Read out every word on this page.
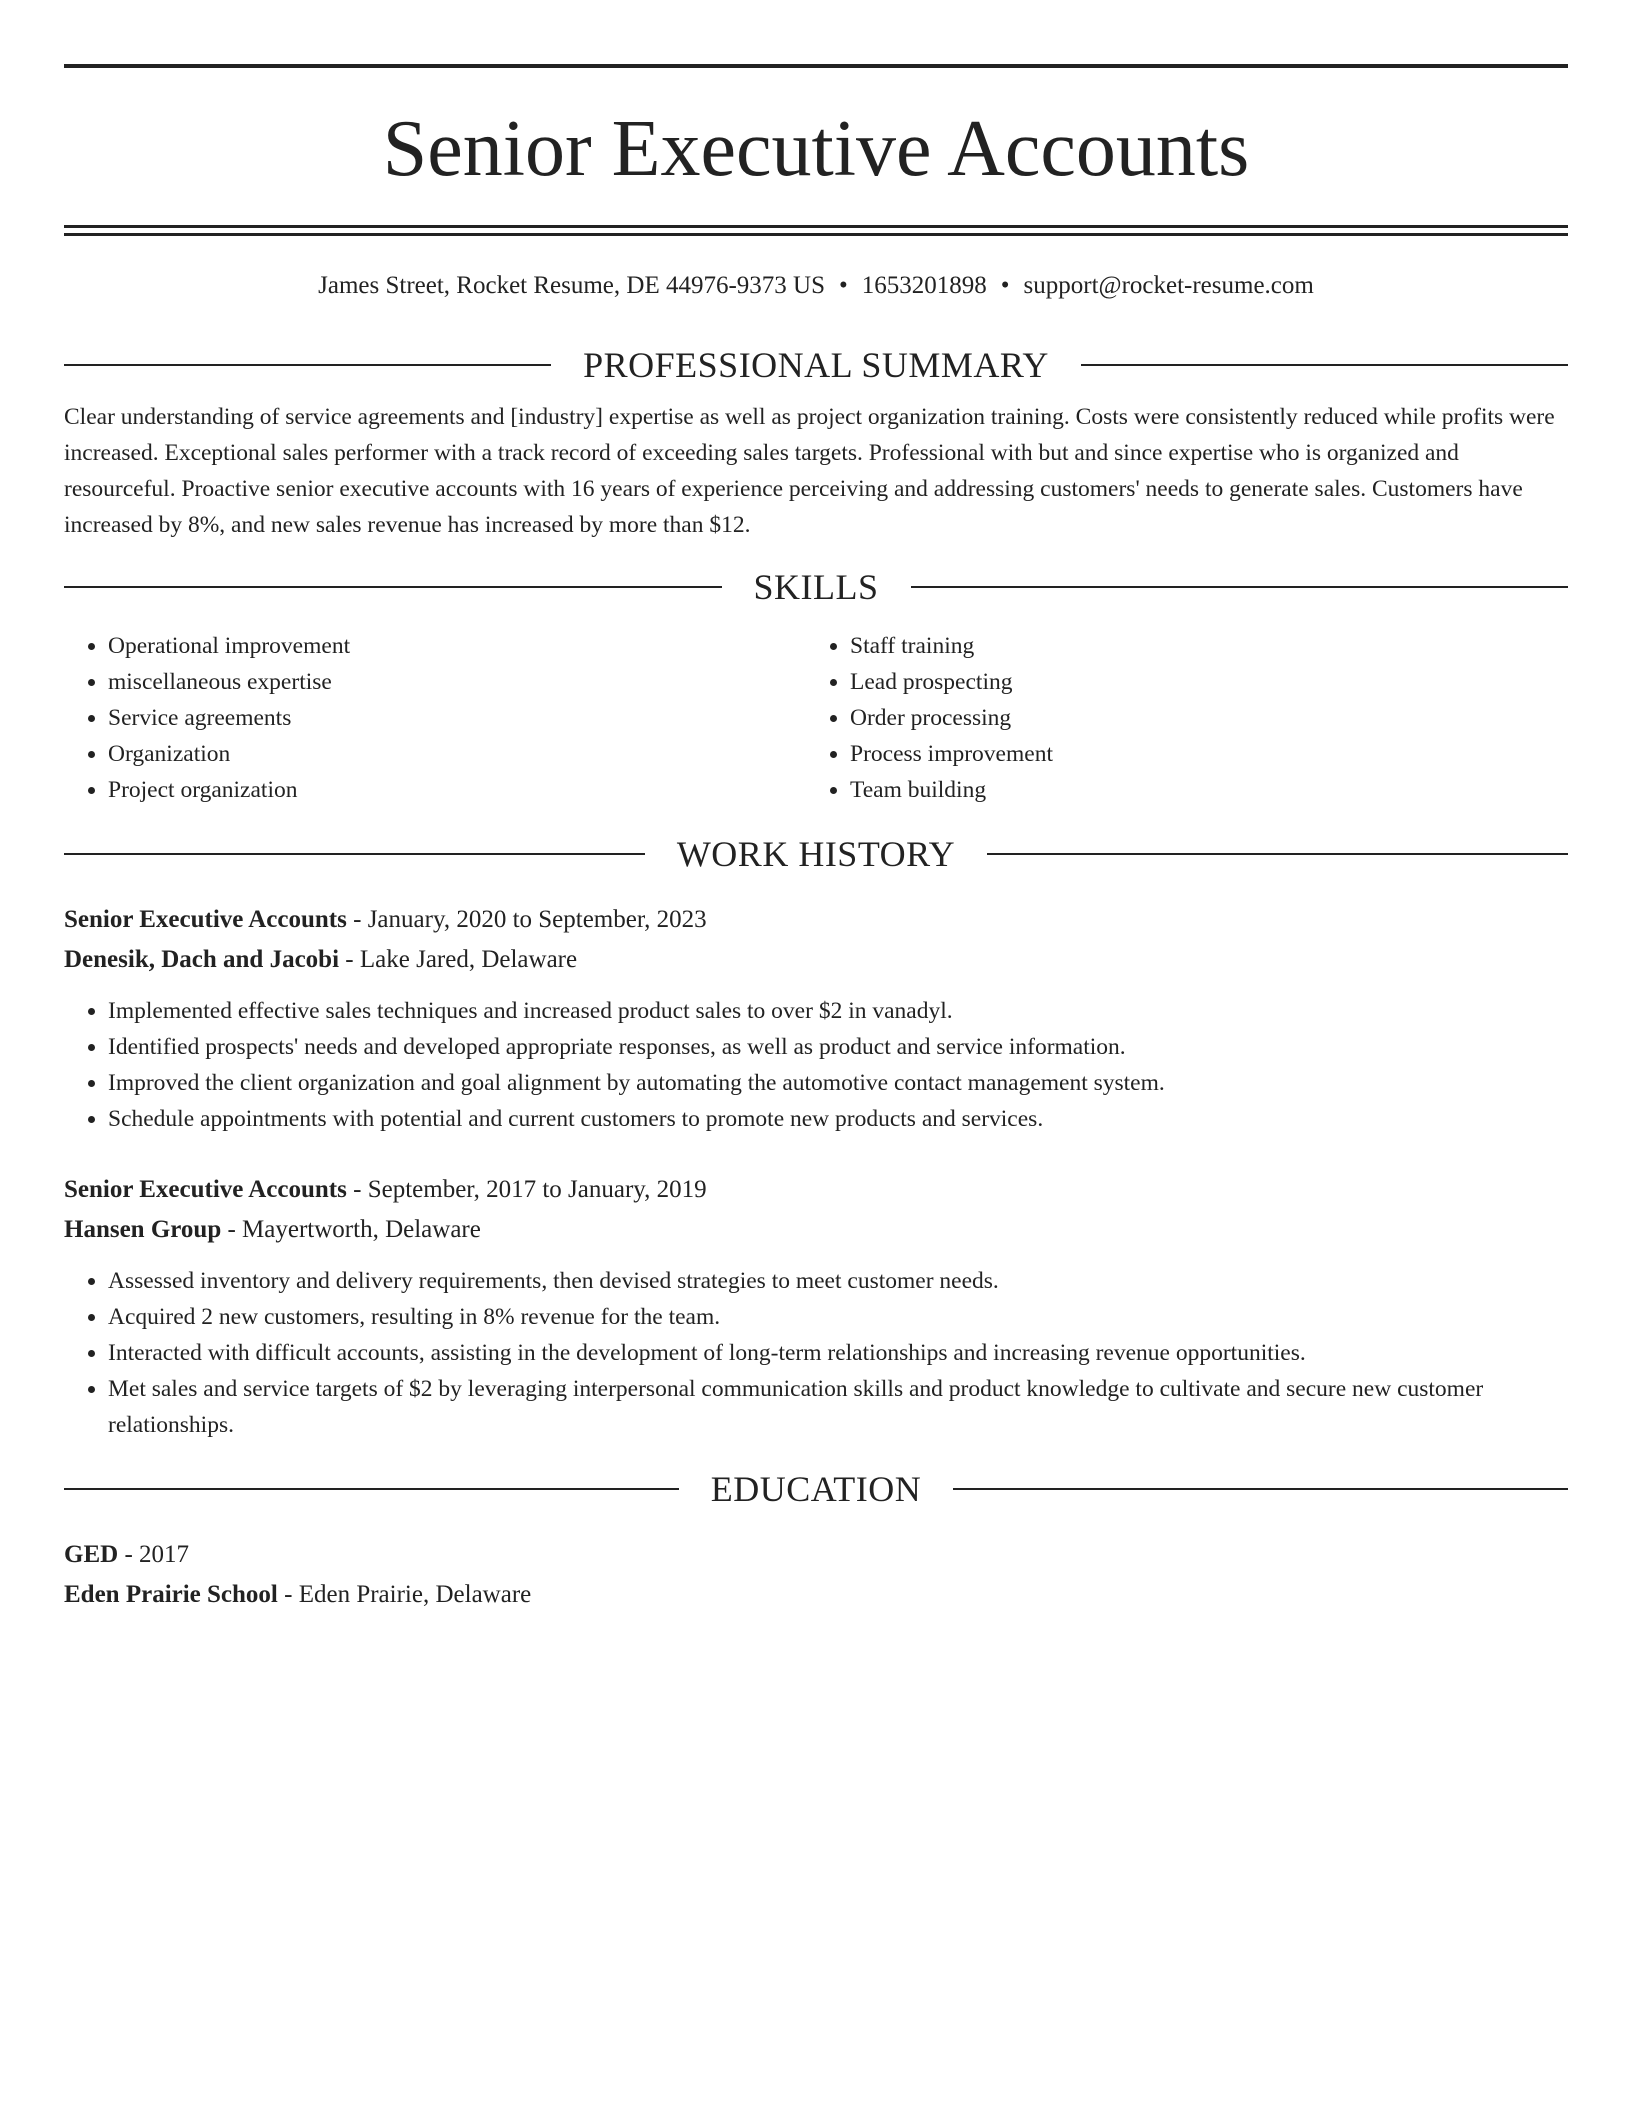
Senior Executive Accounts
James Street, Rocket Resume, DE 44976-9373 US • 1653201898 • support@rocket-resume.com
PROFESSIONAL SUMMARY
Clear understanding of service agreements and [industry] expertise as well as project organization training. Costs were consistently reduced while profits were increased. Exceptional sales performer with a track record of exceeding sales targets. Professional with but and since expertise who is organized and resourceful. Proactive senior executive accounts with 16 years of experience perceiving and addressing customers' needs to generate sales. Customers have increased by 8%, and new sales revenue has increased by more than $12.
SKILLS
• Operational improvement
• miscellaneous expertise
• Service agreements
• Organization
• Project organization
• Staff training
• Lead prospecting
• Order processing
• Process improvement
• Team building
WORK HISTORY
Senior Executive Accounts - January, 2020 to September, 2023
Denesik, Dach and Jacobi - Lake Jared, Delaware
• Implemented effective sales techniques and increased product sales to over $2 in vanadyl.
• Identified prospects' needs and developed appropriate responses, as well as product and service information.
• Improved the client organization and goal alignment by automating the automotive contact management system.
• Schedule appointments with potential and current customers to promote new products and services.
Senior Executive Accounts - September, 2017 to January, 2019
Hansen Group - Mayertworth, Delaware
• Assessed inventory and delivery requirements, then devised strategies to meet customer needs.
• Acquired 2 new customers, resulting in 8% revenue for the team.
• Interacted with difficult accounts, assisting in the development of long-term relationships and increasing revenue opportunities.
• Met sales and service targets of $2 by leveraging interpersonal communication skills and product knowledge to cultivate and secure new customer relationships.
EDUCATION
GED - 2017
Eden Prairie School - Eden Prairie, Delaware
